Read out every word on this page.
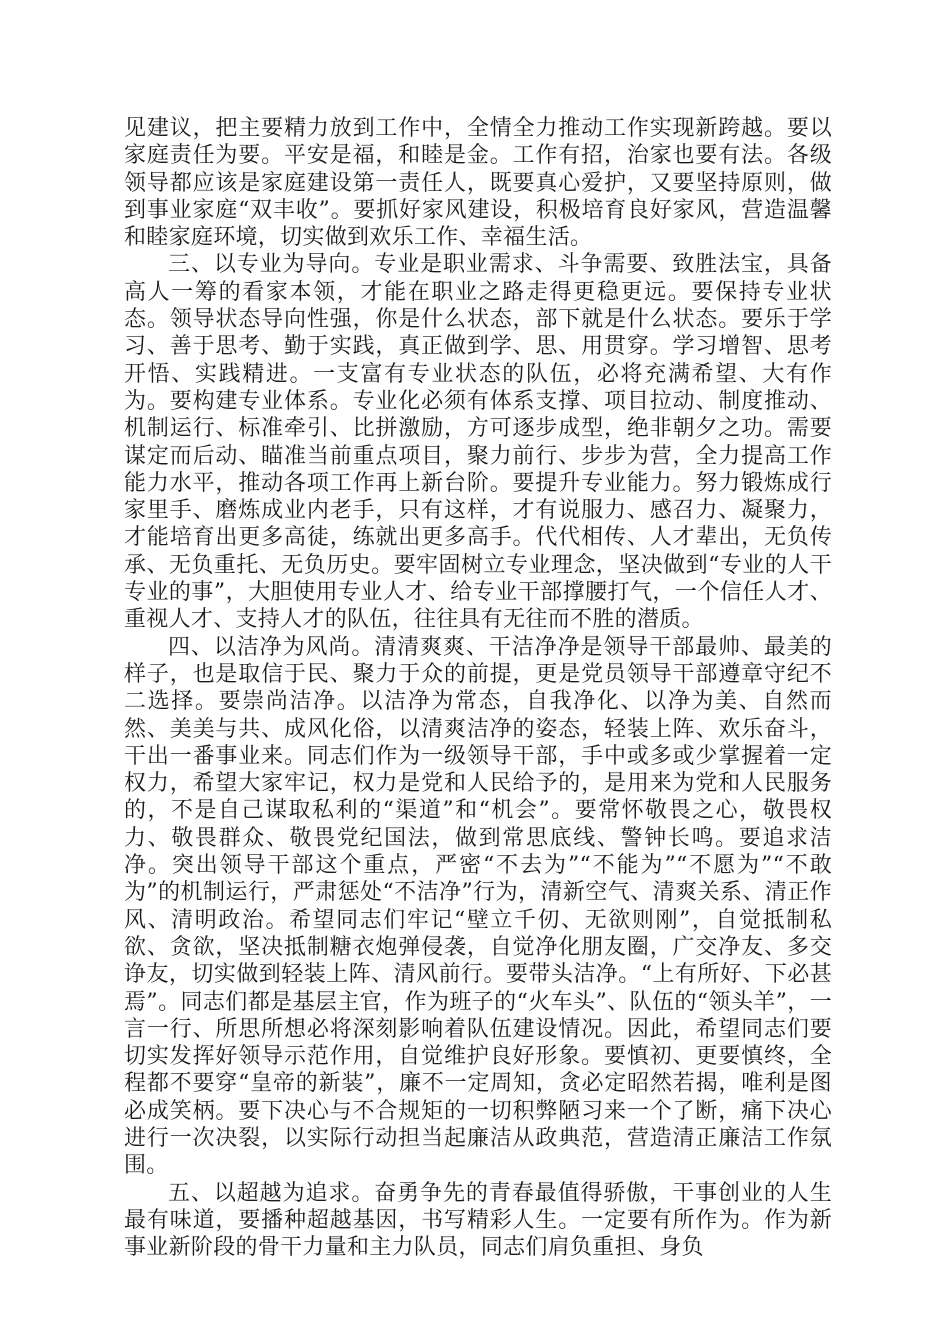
见建议，把主要精力放到工作中，全情全力推动工作实现新跨越。要以家庭责任为要。平安是福，和睦是金。工作有招，治家也要有法。各级领导都应该是家庭建设第一责任人，既要真心爱护，又要坚持原则，做到事业家庭“双丰收”。要抓好家风建设，积极培育良好家风，营造温馨和睦家庭环境，切实做到欢乐工作、幸福生活。

三、以专业为导向。专业是职业需求、斗争需要、致胜法宝，具备高人一筹的看家本领，才能在职业之路走得更稳更远。要保持专业状态。领导状态导向性强，你是什么状态，部下就是什么状态。要乐于学习、善于思考、勤于实践，真正做到学、思、用贯穿。学习增智、思考开悟、实践精进。一支富有专业状态的队伍，必将充满希望、大有作为。要构建专业体系。专业化必须有体系支撑、项目拉动、制度推动、机制运行、标准牵引、比拼激励，方可逐步成型，绝非朝夕之功。需要谋定而后动、瞄准当前重点项目，聚力前行、步步为营，全力提高工作能力水平，推动各项工作再上新台阶。要提升专业能力。努力锻炼成行家里手、磨炼成业内老手，只有这样，才有说服力、感召力、凝聚力，才能培育出更多高徒，练就出更多高手。代代相传、人才辈出，无负传承、无负重托、无负历史。要牢固树立专业理念，坚决做到“专业的人干专业的事”，大胆使用专业人才、给专业干部撑腰打气，一个信任人才、重视人才、支持人才的队伍，往往具有无往而不胜的潜质。

四、以洁净为风尚。清清爽爽、干洁净净是领导干部最帅、最美的样子，也是取信于民、聚力于众的前提，更是党员领导干部遵章守纪不二选择。要崇尚洁净。以洁净为常态，自我净化、以净为美、自然而然、美美与共、成风化俗，以清爽洁净的姿态，轻装上阵、欢乐奋斗，干出一番事业来。同志们作为一级领导干部，手中或多或少掌握着一定权力，希望大家牢记，权力是党和人民给予的，是用来为党和人民服务的，不是自己谋取私利的“渠道”和“机会”。要常怀敬畏之心，敬畏权力、敬畏群众、敬畏党纪国法，做到常思底线、警钟长鸣。要追求洁净。突出领导干部这个重点，严密“不去为”“不能为”“不愿为”“不敢为”的机制运行，严肃惩处“不洁净”行为，清新空气、清爽关系、清正作风、清明政治。希望同志们牢记“壁立千仞、无欲则刚”，自觉抵制私欲、贪欲，坚决抵制糖衣炮弹侵袭，自觉净化朋友圈，广交净友、多交诤友，切实做到轻装上阵、清风前行。要带头洁净。“上有所好、下必甚焉”。同志们都是基层主官，作为班子的“火车头”、队伍的“领头羊”，一言一行、所思所想必将深刻影响着队伍建设情况。因此，希望同志们要切实发挥好领导示范作用，自觉维护良好形象。要慎初、更要慎终，全程都不要穿“皇帝的新装”，廉不一定周知，贪必定昭然若揭，唯利是图必成笑柄。要下决心与不合规矩的一切积弊陋习来一个了断，痛下决心进行一次决裂，以实际行动担当起廉洁从政典范，营造清正廉洁工作氛围。

五、以超越为追求。奋勇争先的青春最值得骄傲，干事创业的人生最有味道，要播种超越基因，书写精彩人生。一定要有所作为。作为新事业新阶段的骨干力量和主力队员，同志们肩负重担、身负
